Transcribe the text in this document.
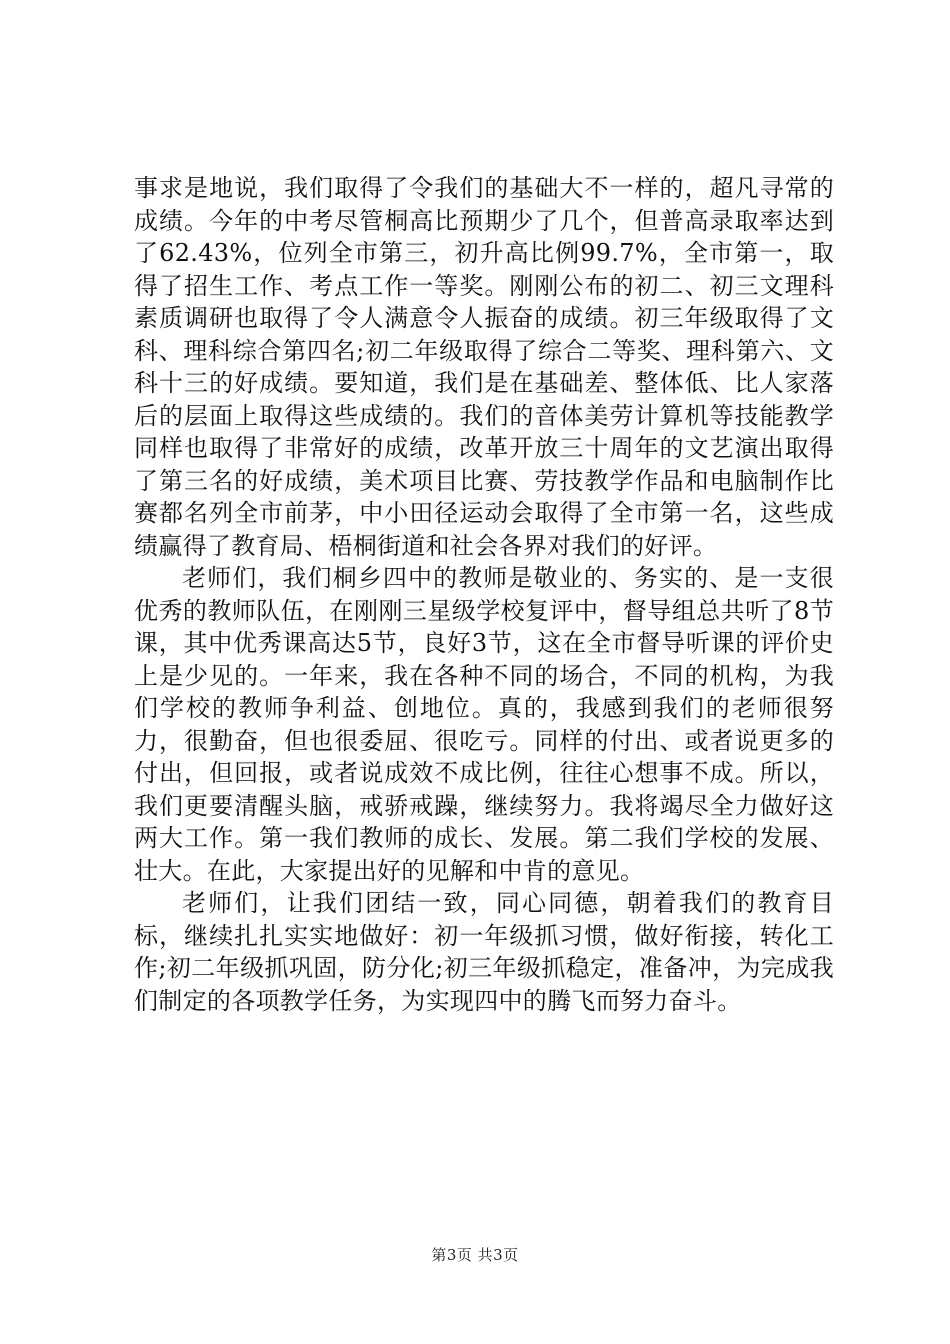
事求是地说，我们取得了令我们的基础大不一样的，超凡寻常的成绩。今年的中考尽管桐高比预期少了几个，但普高录取率达到了62.43%，位列全市第三，初升高比例99.7%，全市第一，取得了招生工作、考点工作一等奖。刚刚公布的初二、初三文理科素质调研也取得了令人满意令人振奋的成绩。初三年级取得了文科、理科综合第四名;初二年级取得了综合二等奖、理科第六、文科十三的好成绩。要知道，我们是在基础差、整体低、比人家落后的层面上取得这些成绩的。我们的音体美劳计算机等技能教学同样也取得了非常好的成绩，改革开放三十周年的文艺演出取得了第三名的好成绩，美术项目比赛、劳技教学作品和电脑制作比赛都名列全市前茅，中小田径运动会取得了全市第一名，这些成绩赢得了教育局、梧桐街道和社会各界对我们的好评。

老师们，我们桐乡四中的教师是敬业的、务实的、是一支很优秀的教师队伍，在刚刚三星级学校复评中，督导组总共听了8节课，其中优秀课高达5节，良好3节，这在全市督导听课的评价史上是少见的。一年来，我在各种不同的场合，不同的机构，为我们学校的教师争利益、创地位。真的，我感到我们的老师很努力，很勤奋，但也很委屈、很吃亏。同样的付出、或者说更多的付出，但回报，或者说成效不成比例，往往心想事不成。所以，我们更要清醒头脑，戒骄戒躁，继续努力。我将竭尽全力做好这两大工作。第一我们教师的成长、发展。第二我们学校的发展、壮大。在此，大家提出好的见解和中肯的意见。

老师们，让我们团结一致，同心同德，朝着我们的教育目标，继续扎扎实实地做好：初一年级抓习惯，做好衔接，转化工作;初二年级抓巩固，防分化;初三年级抓稳定，准备冲，为完成我们制定的各项教学任务，为实现四中的腾飞而努力奋斗。

第3页 共3页
